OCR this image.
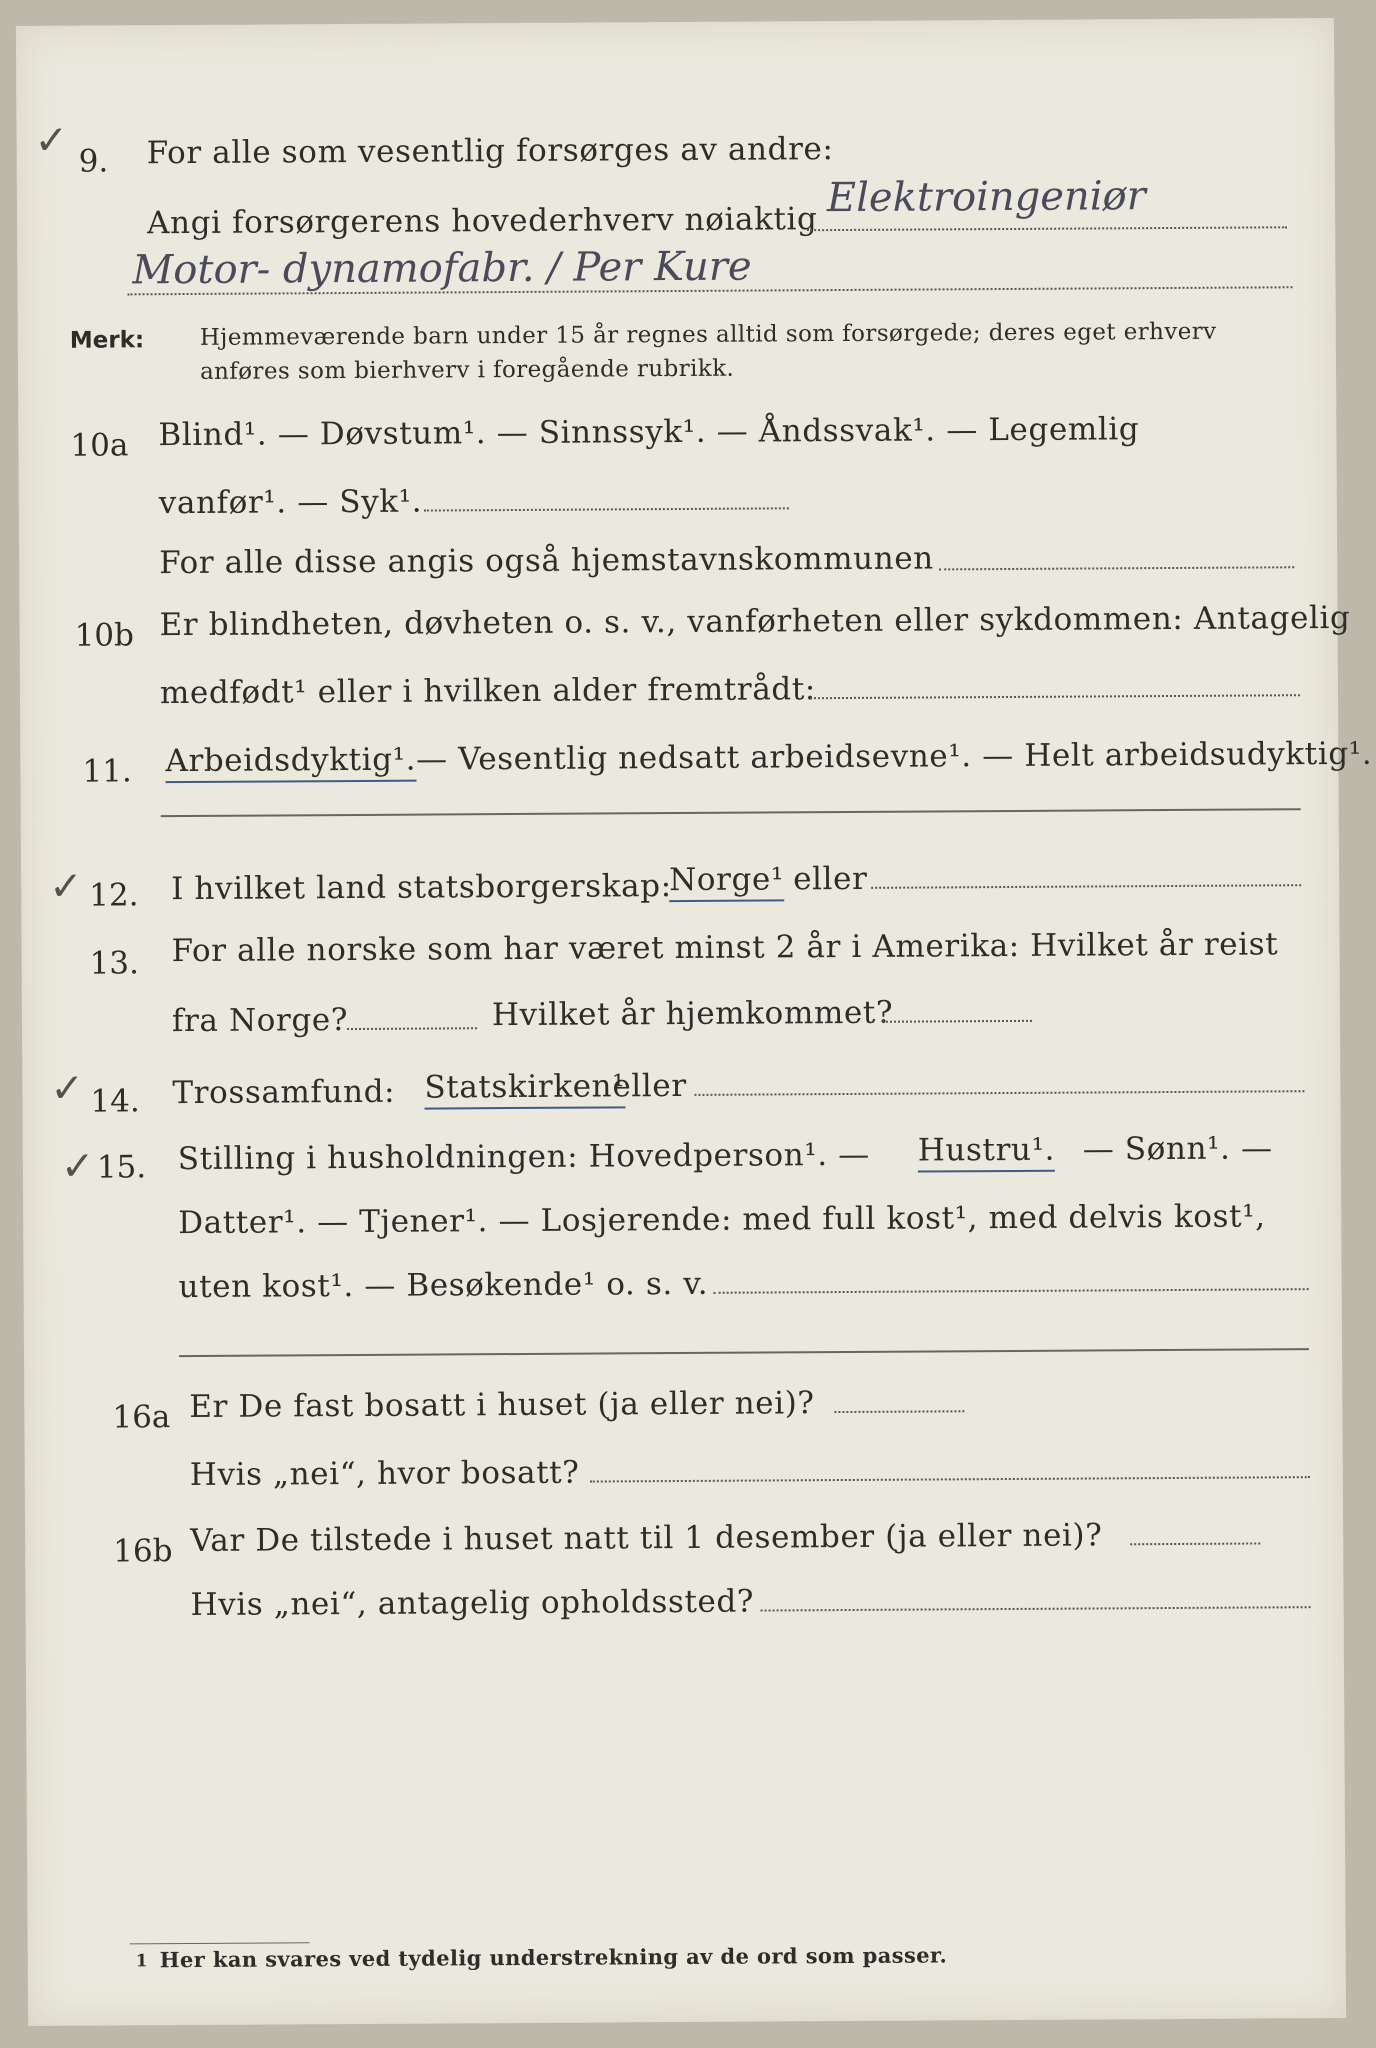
✓ 9. For alle som vesentlig forsørges av andre:
Angi forsørgerens hovederhverv nøiaktig
Elektroingeniør
Motor- dynamofabr. / Per Kure
Merk: Hjemmeværende barn under 15 år regnes alltid som forsørgede; deres eget erhverv
anføres som bierhverv i foregående rubrikk.
10a Blind¹. — Døvstum¹. — Sinnssyk¹. — Åndssvak¹. — Legemlig
vanfør¹. — Syk¹.
For alle disse angis også hjemstavnskommunen
10b Er blindheten, døvheten o. s. v., vanførheten eller sykdommen: Antagelig
medfødt¹ eller i hvilken alder fremtrådt:
11. Arbeidsdyktig¹.— Vesentlig nedsatt arbeidsevne¹. — Helt arbeidsudyktig¹.
✓ 12. I hvilket land statsborgerskap:
Norge¹ eller
13. For alle norske som har været minst 2 år i Amerika: Hvilket år reist
fra Norge?	Hvilket år hjemkommet?
✓ 14. Trossamfund: Statskirken¹
eller
✓ 15. Stilling i husholdningen: Hovedperson¹. — Hustru¹. — Sønn¹. —
Datter¹. — Tjener¹. — Losjerende: med full kost¹, med delvis kost¹,
uten kost¹. — Besøkende¹ o. s. v.
16a Er De fast bosatt i huset (ja eller nei)?
Hvis „nei“, hvor bosatt?
16b Var De tilstede i huset natt til 1 desember (ja eller nei)?
Hvis „nei“, antagelig opholdssted?
1 Her kan svares ved tydelig understrekning av de ord som passer.
